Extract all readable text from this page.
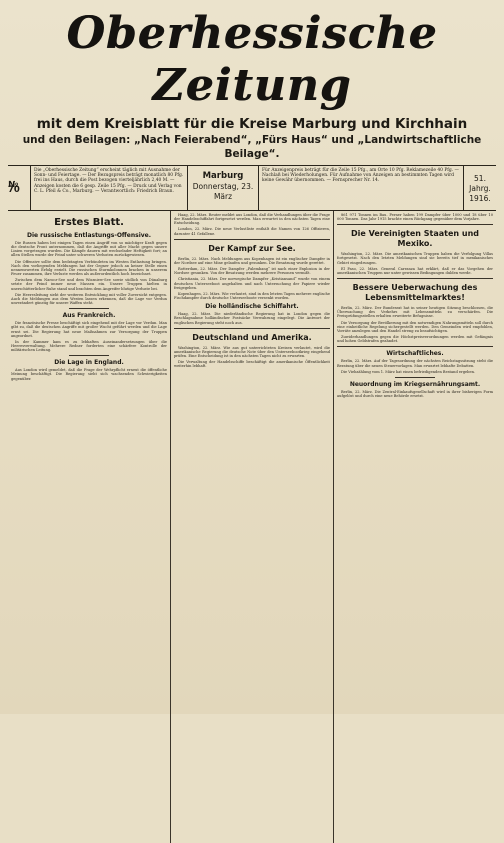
Oberhessische Zeitung
mit dem Kreisblatt für die Kreise Marburg und Kirchhain
und den Beilagen: „Nach Feierabend“, „Fürs Haus“ und „Landwirtschaftliche Beilage“.
№ 70
Die „Oberhessische Zeitung“ erscheint täglich mit Ausnahme der Sonn- und Feiertage. — Der Bezugspreis beträgt monatlich 80 Pfg. frei ins Haus, durch die Post bezogen vierteljährlich 2,40 M. — Anzeigen kosten die 6 gesp. Zeile 15 Pfg. — Druck und Verlag von C. L. Pfeil & Co., Marburg. — Verantwortlich: Friedrich Braun.
Marburg
Donnerstag, 23. März
Für Anzeigenpreis beträgt für die Zeile 15 Pfg., am Orte 10 Pfg. Reklamezeile 40 Pfg. — Nachlaß bei Wiederholungen. Für Aufnahme von Anzeigen an bestimmten Tagen wird keine Gewähr übernommen. — Fernsprecher Nr. 14.	51. Jahrg.
1916.
Erstes Blatt.
Die russische Entlastungs-Offensive.

Die Russen haben bei einigen Tagen einen Angriff von so mächtiger Kraft gegen die deutsche Front unternommen, daß die Angriffe mit aller Macht gegen unsere Linien vorgetragen wurden. Die Kämpfe dauern mit wechselnder Heftigkeit fort; an allen Stellen wurde der Feind unter schweren Verlusten zurückgewiesen.

Die Offensive sollte dem bedrängten Verbündeten im Westen Entlastung bringen. Nach den vorliegenden Meldungen hat der Gegner jedoch an keiner Stelle einen nennenswerten Erfolg erzielt. Die russischen Sturmkolonnen brachen in unserem Feuer zusammen, ihre Verluste werden als außerordentlich hoch bezeichnet.

Zwischen dem Narocz-See und dem Wiszniew-See sowie südlich von Dünaburg setzte der Feind immer neue Massen ein. Unsere Truppen hielten in unerschütterlicher Ruhe stand und brachten dem Angreifer blutige Verluste bei.

Die Heeresleitung sieht der weiteren Entwicklung mit voller Zuversicht entgegen. Auch die Meldungen aus dem Westen lassen erkennen, daß die Lage vor Verdun unverändert günstig für unsere Waffen steht.

Aus Frankreich.

Die französische Presse beschäftigt sich eingehend mit der Lage vor Verdun. Man gibt zu, daß die deutschen Angriffe mit großer Wucht geführt werden und die Lage ernst sei. Die Regierung hat neue Maßnahmen zur Versorgung der Truppen angeordnet.

In der Kammer kam es zu lebhaften Auseinandersetzungen über die Heeresverwaltung. Mehrere Redner forderten eine schärfere Kontrolle der militärischen Leitung.

Die Lage in England.

Aus London wird gemeldet, daß die Frage der Wehrpflicht erneut die öffentliche Meinung beschäftigt. Die Regierung sieht sich wachsenden Schwierigkeiten gegenüber.

Haag, 22. März. Reuter meldet aus London, daß die Verhandlungen über die Frage der Handelsschiffahrt fortgesetzt werden. Man erwartet in den nächsten Tagen eine Entscheidung.

London, 22. März. Die neue Verlustliste enthält die Namen von 126 Offizieren, darunter 41 Gefallene.

Der Kampf zur See.

Berlin, 22. März. Nach Meldungen aus Kopenhagen ist ein englischer Dampfer in der Nordsee auf eine Mine gelaufen und gesunken. Die Besatzung wurde gerettet.

Rotterdam, 22. März. Der Dampfer „Palembang“ ist nach einer Explosion in der Nordsee gesunken. Von der Besatzung werden mehrere Personen vermißt.

Christiania, 22. März. Der norwegische Dampfer „Kristiansand“ wurde von einem deutschen Unterseeboot angehalten und nach Untersuchung der Papiere wieder freigegeben.

Kopenhagen, 22. März. Wie verlautet, sind in den letzten Tagen mehrere englische Fischdampfer durch deutsche Unterseeboote versenkt worden.

Die holländische Schiffahrt.

Haag, 22. März. Die niederländische Regierung hat in London gegen die Beschlagnahme holländischer Postsäcke Verwahrung eingelegt. Die Antwort der englischen Regierung steht noch aus.

Deutschland und Amerika.

Washington, 22. März. Wie aus gut unterrichteten Kreisen verlautet, wird die amerikanische Regierung die deutsche Note über den Unterseebootkrieg eingehend prüfen. Eine Entscheidung ist in den nächsten Tagen nicht zu erwarten.

Die Verwaltung der Handelsschiffe beschäftigt die amerikanische Öffentlichkeit weiterhin lebhaft.

861 971 Tonnen im Bau. Ferner haben 199 Dampfer über 1000 und 18 über 10 000 Tonnen. Das Jahr 1915 brachte einen Rückgang gegenüber dem Vorjahre.

Die Vereinigten Staaten und Mexiko.

Washington, 22. März. Die amerikanischen Truppen haben die Verfolgung Villas fortgesetzt. Nach den letzten Meldungen sind sie bereits tief in mexikanisches Gebiet eingedrungen.

El Paso, 22. März. General Carranza hat erklärt, daß er das Vorgehen der amerikanischen Truppen nur unter gewissen Bedingungen dulden werde.

Bessere Ueberwachung des Lebensmittelmarktes!

Berlin, 22. März. Der Bundesrat hat in seiner heutigen Sitzung beschlossen, die Überwachung des Verkehrs mit Lebensmitteln zu verschärfen. Die Preisprüfungsstellen erhalten erweiterte Befugnisse.

Die Versorgung der Bevölkerung mit den notwendigen Nahrungsmitteln soll durch eine einheitliche Regelung sichergestellt werden. Den Gemeinden wird empfohlen, Vorräte anzulegen und den Handel streng zu beaufsichtigen.

Zuwiderhandlungen gegen die Höchstpreisverordnungen werden mit Gefängnis und hohen Geldstrafen geahndet.

Wirtschaftliches.

Berlin, 22. März. Auf der Tagesordnung der nächsten Reichstagssitzung steht die Beratung über die neuen Steuervorlagen. Man erwartet lebhafte Debatten.

Die Viehzählung vom 1. März hat einen befriedigenden Bestand ergeben.

Neuordnung im Kriegsernährungsamt.

Berlin, 22. März. Die Zentral-Einkaufsgesellschaft wird in ihrer bisherigen Form aufgelöst und durch eine neue Behörde ersetzt.
